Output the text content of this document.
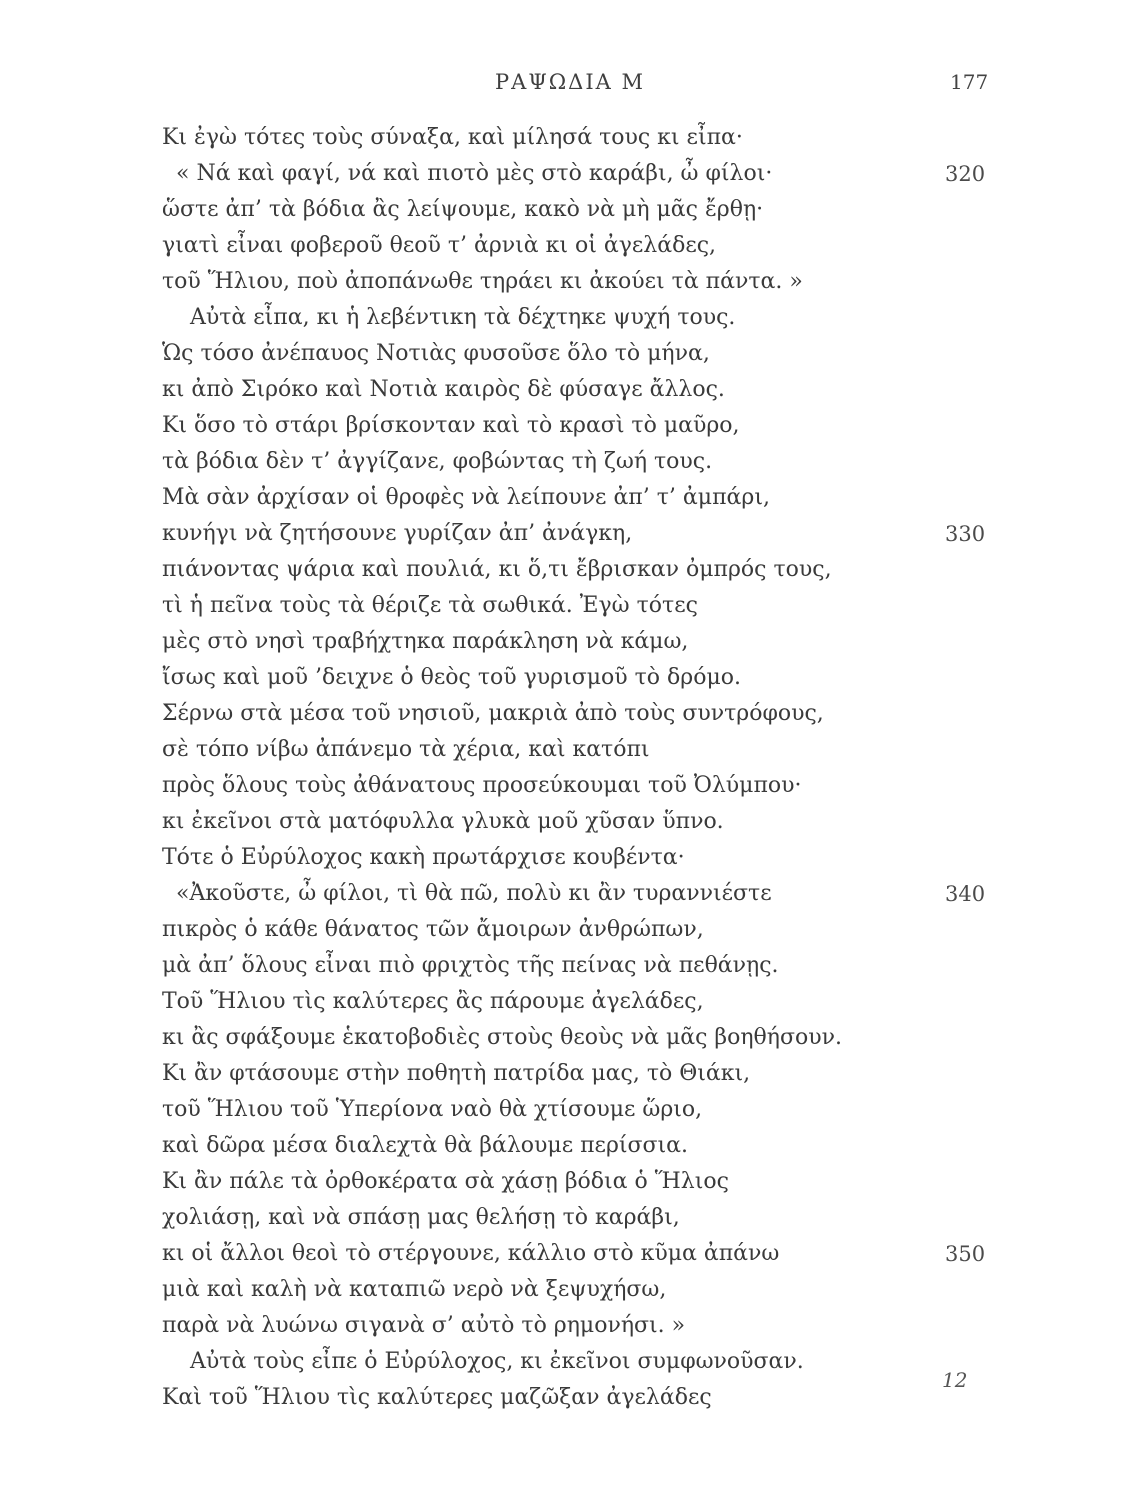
ΡΑΨΩΔΙΑ Μ	177
Κι ἐγὼ τότες τοὺς σύναξα, καὶ μίλησά τους κι εἶπα·
« Νά καὶ φαγί, νά καὶ πιοτὸ μὲς στὸ καράβι, ὦ φίλοι·
ὥστε ἀπ’ τὰ βόδια ἂς λείψουμε, κακὸ νὰ μὴ μᾶς ἔρθῃ·
γιατὶ εἶναι φοβεροῦ θεοῦ τ’ ἀρνιὰ κι οἱ ἀγελάδες,
τοῦ Ἥλιου, ποὺ ἀποπάνωθε τηράει κι ἀκούει τὰ πάντα. »
Αὐτὰ εἶπα, κι ἡ λεβέντικη τὰ δέχτηκε ψυχή τους.
Ὡς τόσο ἀνέπαυος Νοτιὰς φυσοῦσε ὅλο τὸ μήνα,
κι ἀπὸ Σιρόκο καὶ Νοτιὰ καιρὸς δὲ φύσαγε ἄλλος.
Κι ὅσο τὸ στάρι βρίσκονταν καὶ τὸ κρασὶ τὸ μαῦρο,
τὰ βόδια δὲν τ’ ἀγγίζανε, φοβώντας τὴ ζωή τους.
Μὰ σὰν ἀρχίσαν οἱ θροφὲς νὰ λείπουνε ἀπ’ τ’ ἀμπάρι,
κυνήγι νὰ ζητήσουνε γυρίζαν ἀπ’ ἀνάγκη,
πιάνοντας ψάρια καὶ πουλιά, κι ὅ,τι ἔβρισκαν ὀμπρός τους,
τὶ ἡ πεῖνα τοὺς τὰ θέριζε τὰ σωθικά. Ἐγὼ τότες
μὲς στὸ νησὶ τραβήχτηκα παράκληση νὰ κάμω,
ἴσως καὶ μοῦ ’δειχνε ὁ θεὸς τοῦ γυρισμοῦ τὸ δρόμο.
Σέρνω στὰ μέσα τοῦ νησιοῦ, μακριὰ ἀπὸ τοὺς συντρόφους,
σὲ τόπο νίβω ἀπάνεμο τὰ χέρια, καὶ κατόπι
πρὸς ὅλους τοὺς ἀθάνατους προσεύκουμαι τοῦ Ὀλύμπου·
κι ἐκεῖνοι στὰ ματόφυλλα γλυκὰ μοῦ χῦσαν ὕπνο.
Τότε ὁ Εὐρύλοχος κακὴ πρωτάρχισε κουβέντα·
«Ἀκοῦστε, ὦ φίλοι, τὶ θὰ πῶ, πολὺ κι ἂν τυραννιέστε
πικρὸς ὁ κάθε θάνατος τῶν ἄμοιρων ἀνθρώπων,
μὰ ἀπ’ ὅλους εἶναι πιὸ φριχτὸς τῆς πείνας νὰ πεθάνῃς.
Τοῦ Ἥλιου τὶς καλύτερες ἂς πάρουμε ἀγελάδες,
κι ἂς σφάξουμε ἑκατοβοδιὲς στοὺς θεοὺς νὰ μᾶς βοηθήσουν.
Κι ἂν φτάσουμε στὴν ποθητὴ πατρίδα μας, τὸ Θιάκι,
τοῦ Ἥλιου τοῦ Ὑπερίονα ναὸ θὰ χτίσουμε ὥριο,
καὶ δῶρα μέσα διαλεχτὰ θὰ βάλουμε περίσσια.
Κι ἂν πάλε τὰ ὀρθοκέρατα σὰ χάσῃ βόδια ὁ Ἥλιος
χολιάσῃ, καὶ νὰ σπάσῃ μας θελήσῃ τὸ καράβι,
κι οἱ ἄλλοι θεοὶ τὸ στέργουνε, κάλλιο στὸ κῦμα ἀπάνω
μιὰ καὶ καλὴ νὰ καταπιῶ νερὸ νὰ ξεψυχήσω,
παρὰ νὰ λυώνω σιγανὰ σ’ αὐτὸ τὸ ρημονήσι. »
Αὐτὰ τοὺς εἶπε ὁ Εὐρύλοχος, κι ἐκεῖνοι συμφωνοῦσαν.
Καὶ τοῦ Ἥλιου τὶς καλύτερες μαζῶξαν ἀγελάδες
320
330
340
350
12
